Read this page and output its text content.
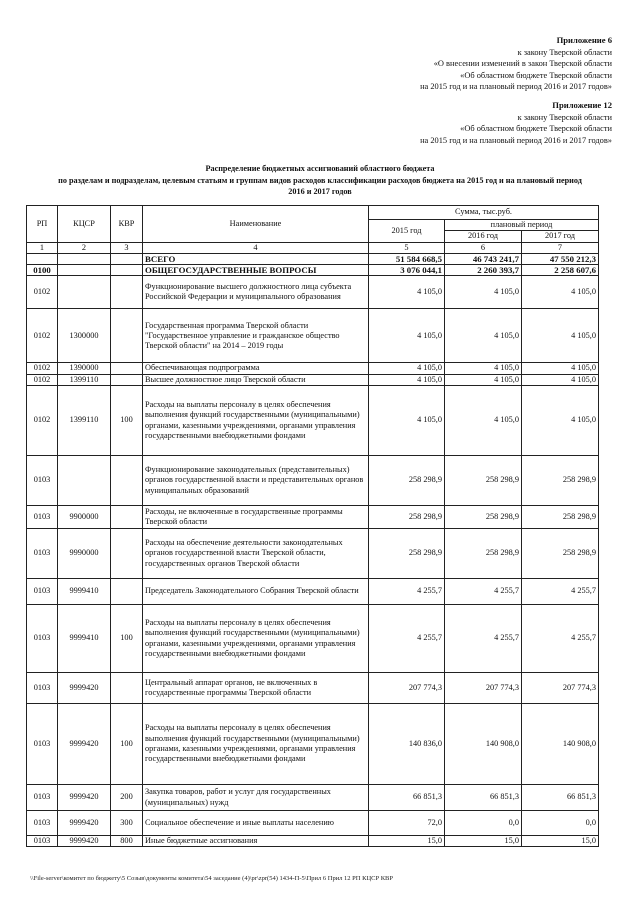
Приложение 6
к закону Тверской области
«О внесении изменений в закон Тверской области
«Об областном бюджете Тверской области
на 2015 год и на плановый период 2016 и 2017 годов»
Приложение 12
к закону Тверской области
«Об областном бюджете Тверской области
на 2015 год и на плановый период 2016 и 2017 годов»
Распределение бюджетных ассигнований областного бюджета
по разделам и подразделам, целевым статьям и группам видов расходов классификации расходов бюджета на 2015 год и на плановый период
2016 и 2017 годов
РП	КЦСР	КВР	Наименование	Сумма, тыс.руб.		
				2015 год	плановый период	
					2016 год	2017 год
1	2	3	4	5	6	7
			ВСЕГО	51 584 668,5	46 743 241,7	47 550 212,3
0100			ОБЩЕГОСУДАРСТВЕННЫЕ ВОПРОСЫ	3 076 044,1	2 260 393,7	2 258 607,6
0102			Функционирование высшего должностного лица субъекта Российской Федерации и муниципального образования	4 105,0	4 105,0	4 105,0
0102	1300000		Государственная программа Тверской области "Государственное управление и гражданское общество Тверской области" на 2014 – 2019 годы	4 105,0	4 105,0	4 105,0
0102	1390000		Обеспечивающая подпрограмма	4 105,0	4 105,0	4 105,0
0102	1399110		Высшее должностное лицо Тверской области	4 105,0	4 105,0	4 105,0
0102	1399110	100	Расходы на выплаты персоналу в целях обеспечения выполнения функций государственными (муниципальными) органами, казенными учреждениями, органами управления государственными внебюджетными фондами	4 105,0	4 105,0	4 105,0
0103			Функционирование законодательных (представительных) органов государственной власти и представительных органов муниципальных образований	258 298,9	258 298,9	258 298,9
0103	9900000		Расходы, не включенные в государственные программы Тверской области	258 298,9	258 298,9	258 298,9
0103	9990000		Расходы на обеспечение деятельности законодательных органов государственной власти Тверской области, государственных органов Тверской области	258 298,9	258 298,9	258 298,9
0103	9999410		Председатель Законодательного Собрания Тверской области	4 255,7	4 255,7	4 255,7
0103	9999410	100	Расходы на выплаты персоналу в целях обеспечения выполнения функций государственными (муниципальными) органами, казенными учреждениями, органами управления государственными внебюджетными фондами	4 255,7	4 255,7	4 255,7
0103	9999420		Центральный аппарат органов, не включенных в государственные программы Тверской области	207 774,3	207 774,3	207 774,3
0103	9999420	100	Расходы на выплаты персоналу в целях обеспечения выполнения функций государственными (муниципальными) органами, казенными учреждениями, органами управления государственными внебюджетными фондами	140 836,0	140 908,0	140 908,0
0103	9999420	200	Закупка товаров, работ и услуг для государственных (муниципальных) нужд	66 851,3	66 851,3	66 851,3
0103	9999420	300	Социальное обеспечение и иные выплаты населению	72,0	0,0	0,0
0103	9999420	800	Иные бюджетные ассигнования	15,0	15,0	15,0
\\File-server\комитет по бюджету\5 Созыв\документы комитета\54 заседание (4)\pr\zpr(54) 1434-П-5\Прил 6 Прил 12 РП КЦСР КВР
